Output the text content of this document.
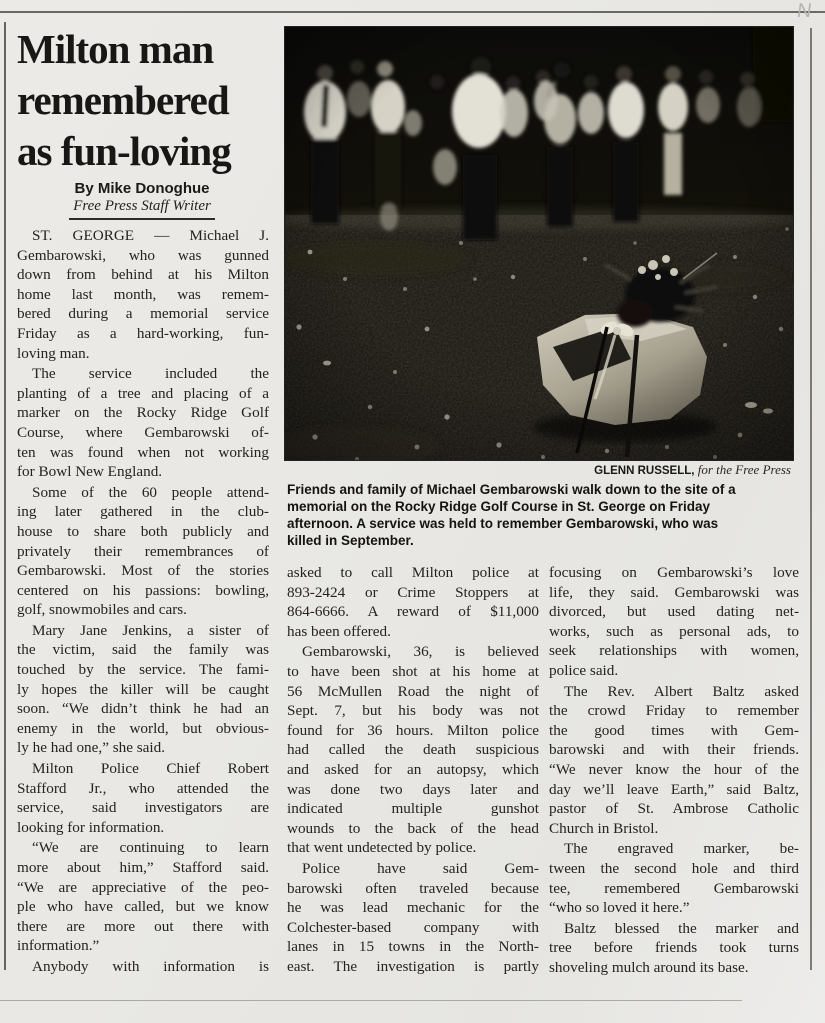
N
Milton man
remembered
as fun-loving
By Mike Donoghue
Free Press Staff Writer
GLENN RUSSELL, for the Free Press
Friends and family of Michael Gembarowski walk down to the site of a
memorial on the Rocky Ridge Golf Course in St. George on Friday
afternoon. A service was held to remember Gembarowski, who was
killed in September.
ST. GEORGE — Michael J.
Gembarowski, who was gunned
down from behind at his Milton
home last month, was remem-
bered during a memorial service
Friday as a hard-working, fun-
loving man.
The service included the
planting of a tree and placing of a
marker on the Rocky Ridge Golf
Course, where Gembarowski of-
ten was found when not working
for Bowl New England.
Some of the 60 people attend-
ing later gathered in the club-
house to share both publicly and
privately their remembrances of
Gembarowski. Most of the stories
centered on his passions: bowling,
golf, snowmobiles and cars.
Mary Jane Jenkins, a sister of
the victim, said the family was
touched by the service. The fami-
ly hopes the killer will be caught
soon. “We didn’t think he had an
enemy in the world, but obvious-
ly he had one,” she said.
Milton Police Chief Robert
Stafford Jr., who attended the
service, said investigators are
looking for information.
“We are continuing to learn
more about him,” Stafford said.
“We are appreciative of the peo-
ple who have called, but we know
there are more out there with
information.”
Anybody with information is
asked to call Milton police at
893-2424 or Crime Stoppers at
864-6666. A reward of $11,000
has been offered.
Gembarowski, 36, is believed
to have been shot at his home at
56 McMullen Road the night of
Sept. 7, but his body was not
found for 36 hours. Milton police
had called the death suspicious
and asked for an autopsy, which
was done two days later and
indicated multiple gunshot
wounds to the back of the head
that went undetected by police.
Police have said Gem-
barowski often traveled because
he was lead mechanic for the
Colchester-based company with
lanes in 15 towns in the North-
east. The investigation is partly
focusing on Gembarowski’s love
life, they said. Gembarowski was
divorced, but used dating net-
works, such as personal ads, to
seek relationships with women,
police said.
The Rev. Albert Baltz asked
the crowd Friday to remember
the good times with Gem-
barowski and with their friends.
“We never know the hour of the
day we’ll leave Earth,” said Baltz,
pastor of St. Ambrose Catholic
Church in Bristol.
The engraved marker, be-
tween the second hole and third
tee, remembered Gembarowski
“who so loved it here.”
Baltz blessed the marker and
tree before friends took turns
shoveling mulch around its base.
